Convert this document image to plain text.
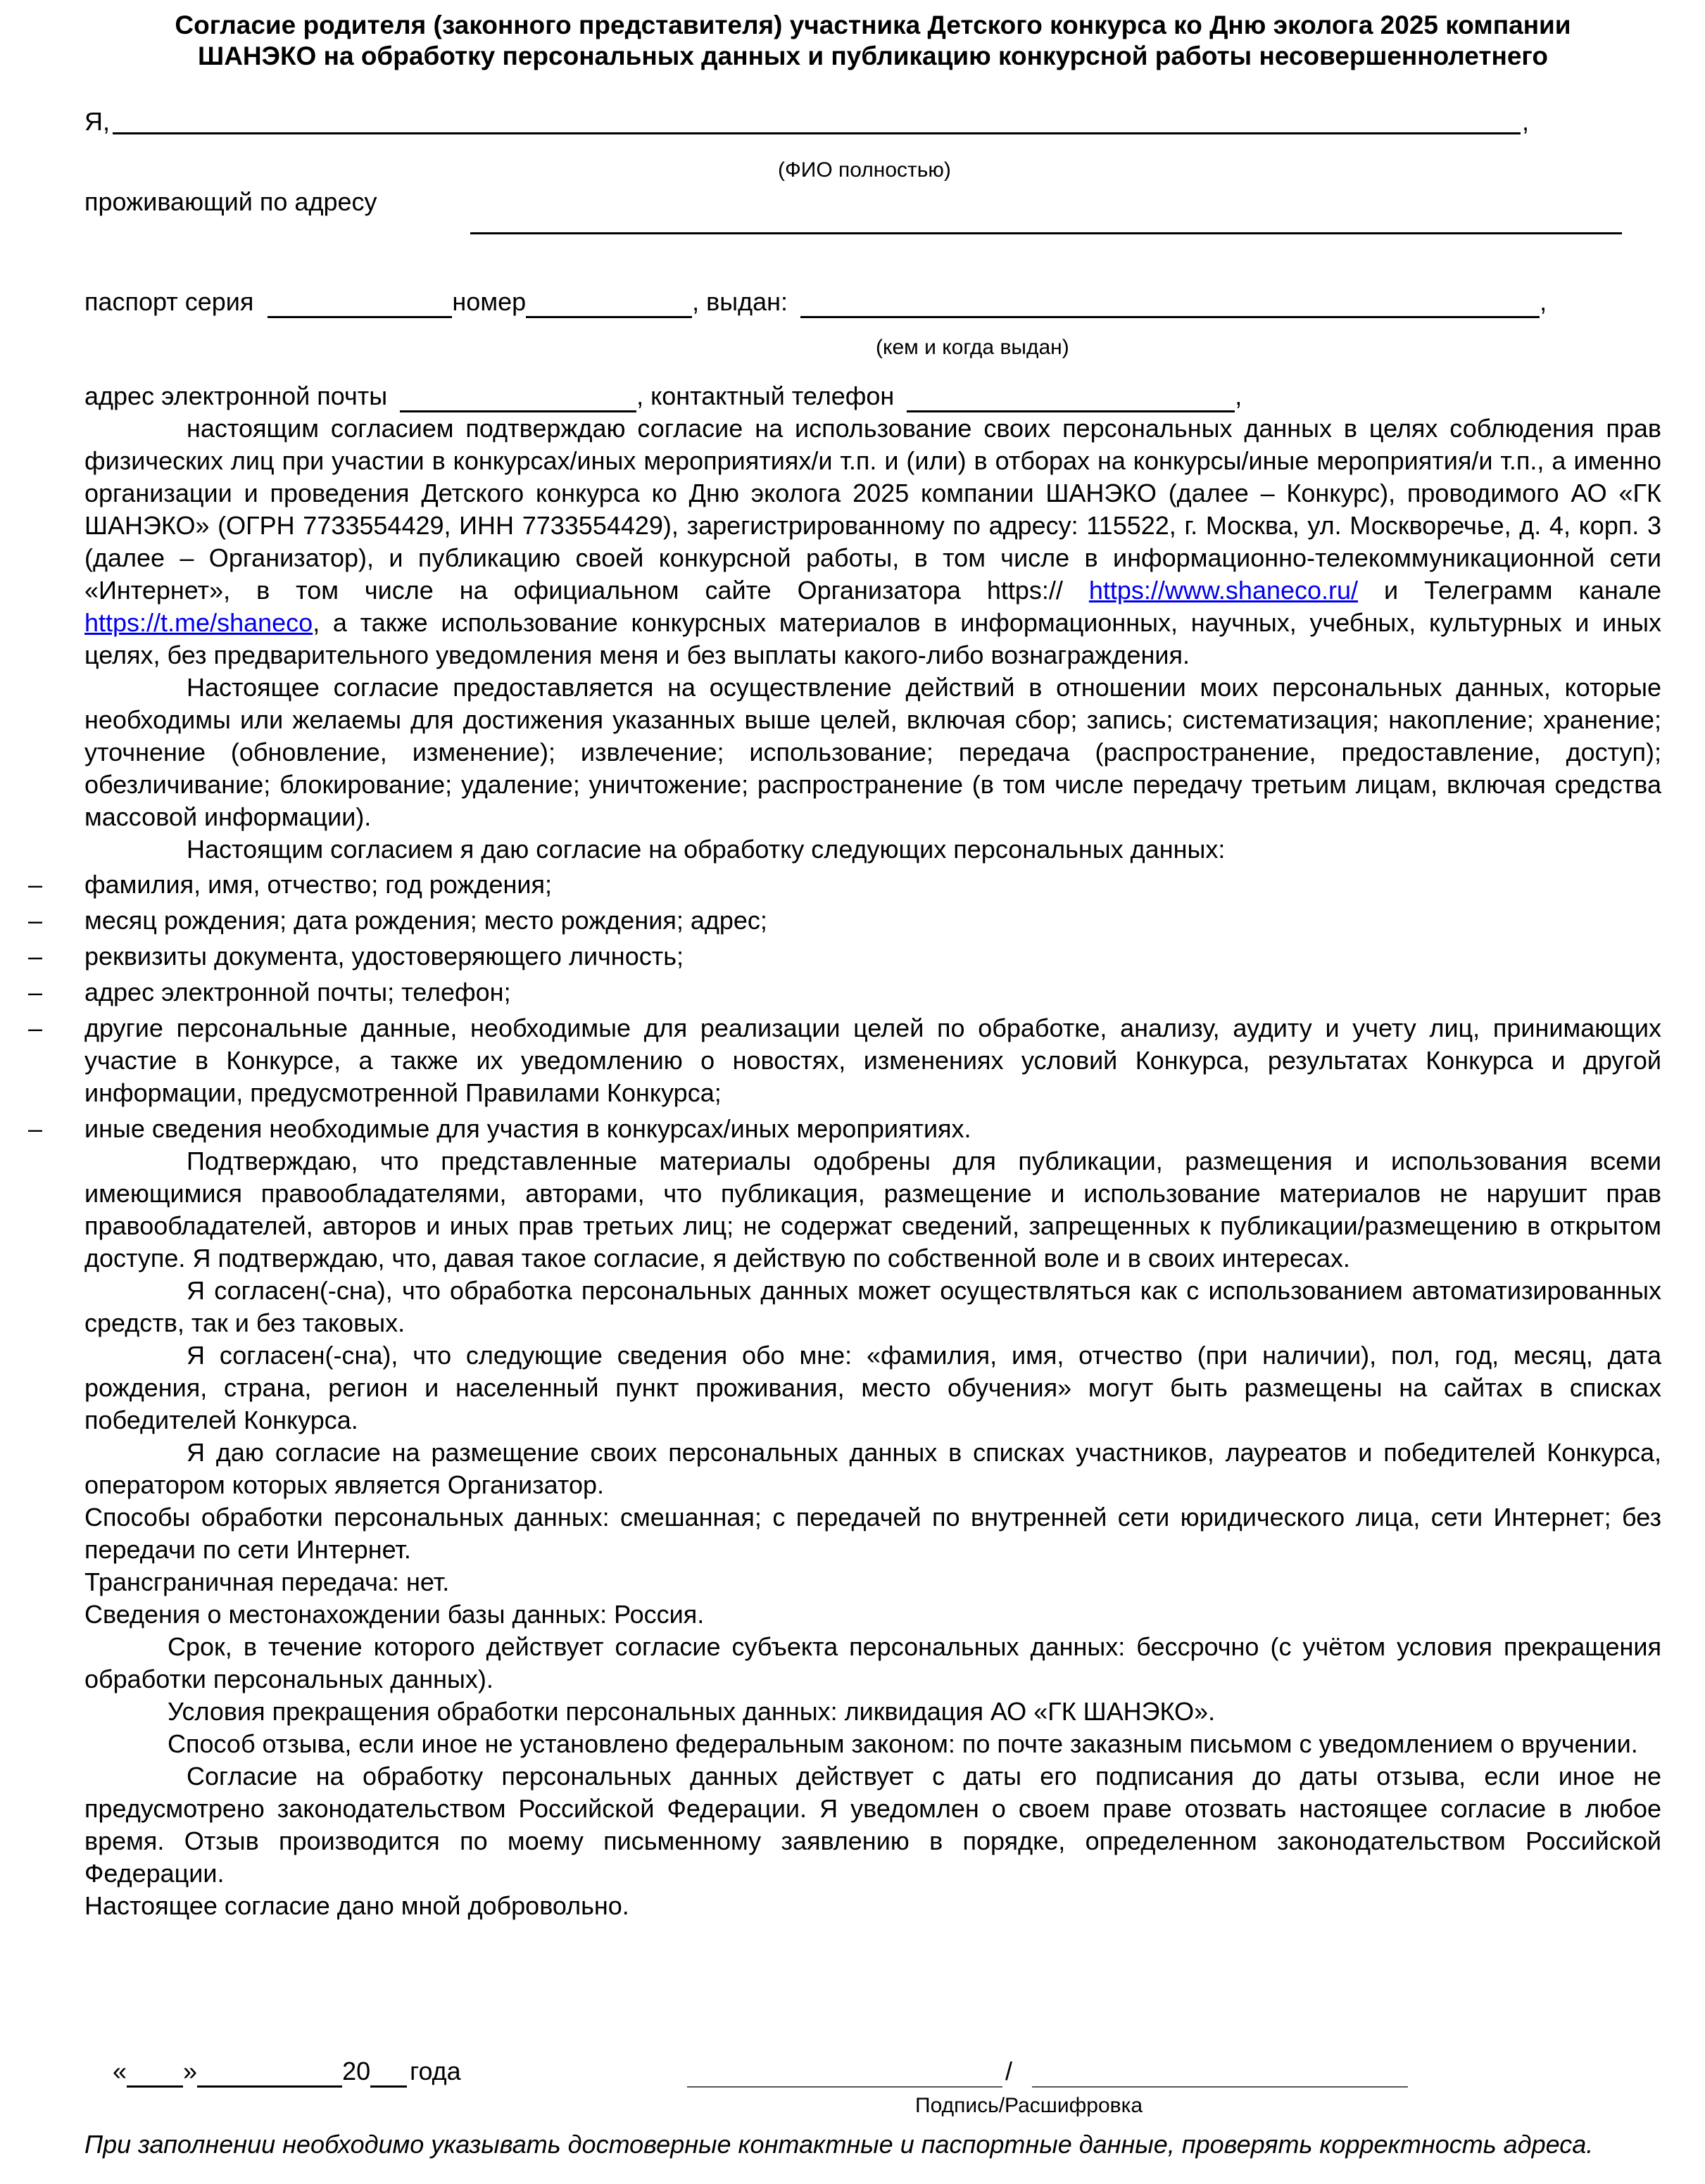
Согласие родителя (законного представителя) участника Детского конкурса ко Дню эколога 2025 компании
ШАНЭКО на обработку персональных данных и публикацию конкурсной работы несовершеннолетнего
Я,	,
(ФИО полностью)
проживающий по адресу
паспорт серия	номер	, выдан:	,
(кем и когда выдан)
адрес электронной почты	, контактный телефон	,

настоящим согласием подтверждаю согласие на использование своих персональных данных в целях соблюдения прав физических лиц при участии в конкурсах/иных мероприятиях/и т.п. и (или) в отборах на конкурсы/иные мероприятия/и т.п., а именно организации и проведения Детского конкурса ко Дню эколога 2025 компании ШАНЭКО (далее – Конкурс), проводимого АО «ГК ШАНЭКО» (ОГРН 7733554429, ИНН 7733554429), зарегистрированному по адресу: 115522, г. Москва, ул. Москворечье, д. 4, корп. 3 (далее – Организатор), и публикацию своей конкурсной работы, в том числе в информационно-телекоммуникационной сети «Интернет», в том числе на официальном сайте Организатора https:// https://www.shaneco.ru/ и Телеграмм канале https://t.me/shaneco, а также использование конкурсных материалов в информационных, научных, учебных, культурных и иных целях, без предварительного уведомления меня и без выплаты какого-либо вознаграждения.

Настоящее согласие предоставляется на осуществление действий в отношении моих персональных данных, которые необходимы или желаемы для достижения указанных выше целей, включая сбор; запись; систематизация; накопление; хранение; уточнение (обновление, изменение); извлечение; использование; передача (распространение, предоставление, доступ); обезличивание; блокирование; удаление; уничтожение; распространение (в том числе передачу третьим лицам, включая средства массовой информации).

Настоящим согласием я даю согласие на обработку следующих персональных данных:

– фамилия, имя, отчество; год рождения;
– месяц рождения; дата рождения; место рождения; адрес;
– реквизиты документа, удостоверяющего личность;
– адрес электронной почты; телефон;
– другие персональные данные, необходимые для реализации целей по обработке, анализу, аудиту и учету лиц, принимающих участие в Конкурсе, а также их уведомлению о новостях, изменениях условий Конкурса, результатах Конкурса и другой информации, предусмотренной Правилами Конкурса;
– иные сведения необходимые для участия в конкурсах/иных мероприятиях.

Подтверждаю, что представленные материалы одобрены для публикации, размещения и использования всеми имеющимися правообладателями, авторами, что публикация, размещение и использование материалов не нарушит прав правообладателей, авторов и иных прав третьих лиц; не содержат сведений, запрещенных к публикации/размещению в открытом доступе. Я подтверждаю, что, давая такое согласие, я действую по собственной воле и в своих интересах.

Я согласен(-сна), что обработка персональных данных может осуществляться как с использованием автоматизированных средств, так и без таковых.

Я согласен(-сна), что следующие сведения обо мне: «фамилия, имя, отчество (при наличии), пол, год, месяц, дата рождения, страна, регион и населенный пункт проживания, место обучения» могут быть размещены на сайтах в списках победителей Конкурса.

Я даю согласие на размещение своих персональных данных в списках участников, лауреатов и победителей Конкурса, оператором которых является Организатор.

Способы обработки персональных данных: смешанная; с передачей по внутренней сети юридического лица, сети Интернет; без передачи по сети Интернет.

Трансграничная передача: нет.

Сведения о местонахождении базы данных: Россия.

Срок, в течение которого действует согласие субъекта персональных данных: бессрочно (с учётом условия прекращения обработки персональных данных).

Условия прекращения обработки персональных данных: ликвидация АО «ГК ШАНЭКО».

Способ отзыва, если иное не установлено федеральным законом: по почте заказным письмом с уведомлением о вручении.

Согласие на обработку персональных данных действует с даты его подписания до даты отзыва, если иное не предусмотрено законодательством Российской Федерации. Я уведомлен о своем праве отозвать настоящее согласие в любое время. Отзыв производится по моему письменному заявлению в порядке, определенном законодательством Российской Федерации.

Настоящее согласие дано мной добровольно.

« »	20 года	/
Подпись/Расшифровка
При заполнении необходимо указывать достоверные контактные и паспортные данные, проверять корректность адреса.
